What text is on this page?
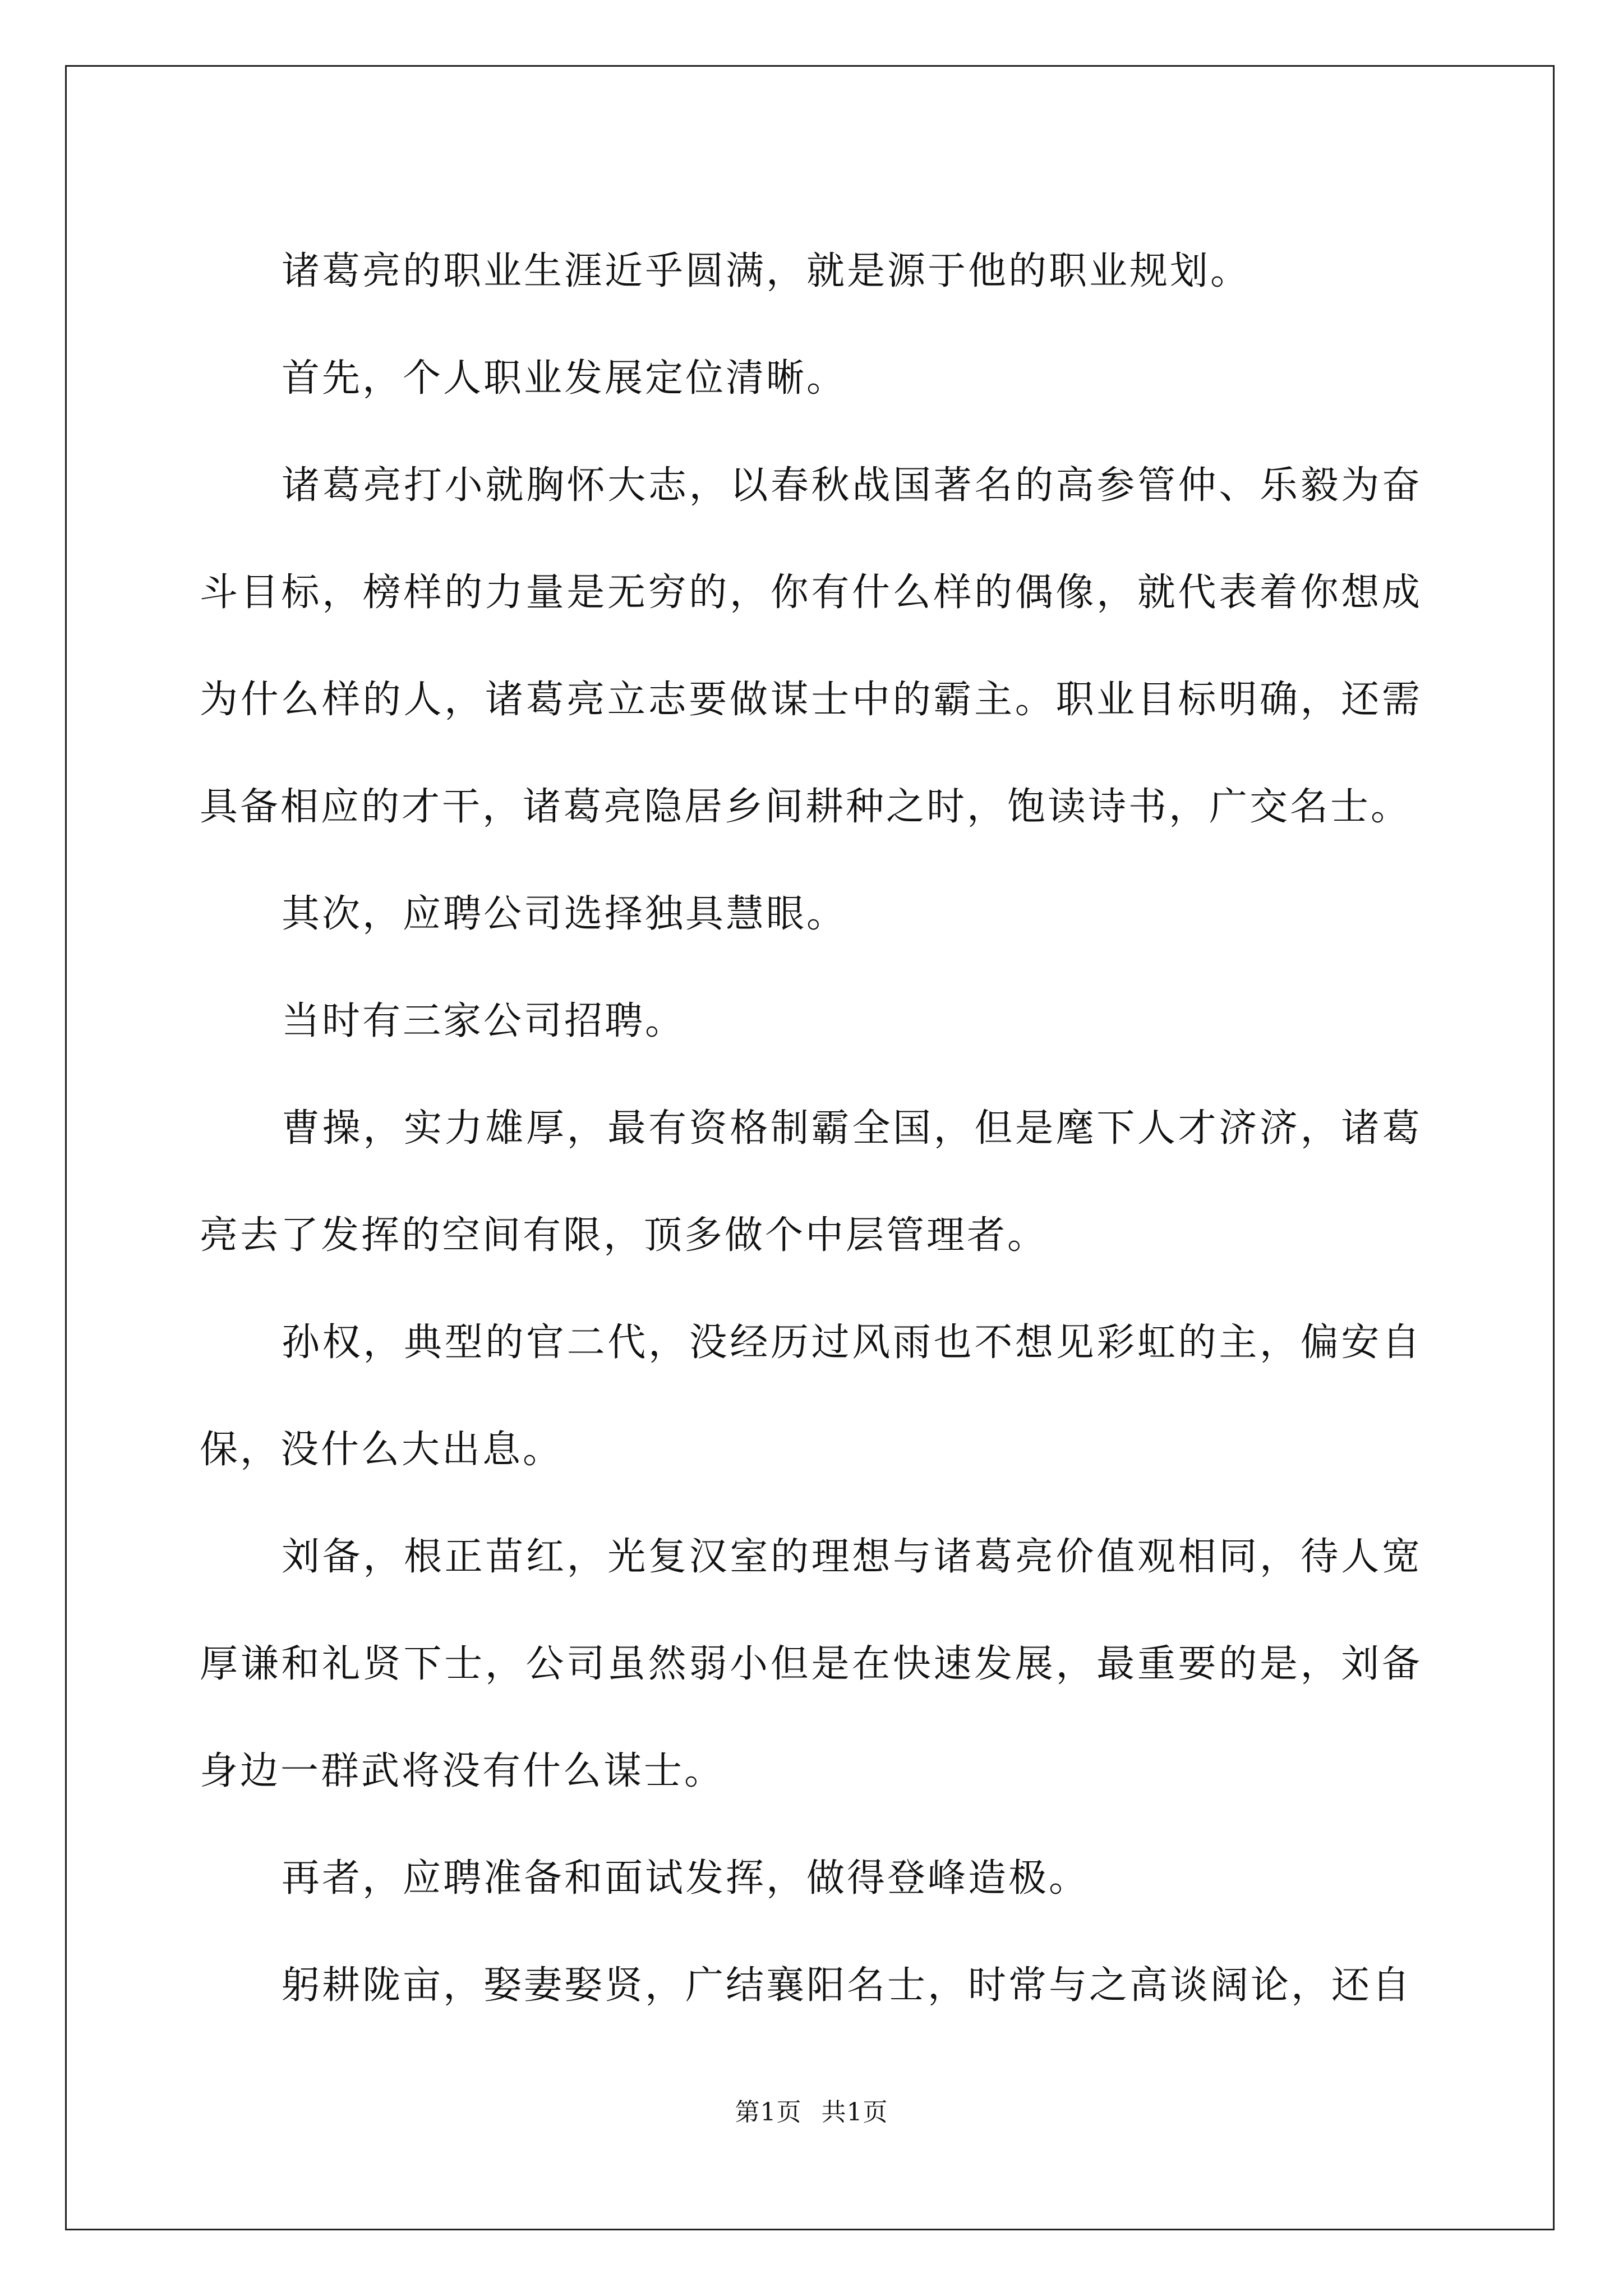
诸葛亮的职业生涯近乎圆满，就是源于他的职业规划。

首先，个人职业发展定位清晰。

诸葛亮打小就胸怀大志，以春秋战国著名的高参管仲、乐毅为奋斗目标，榜样的力量是无穷的，你有什么样的偶像，就代表着你想成为什么样的人，诸葛亮立志要做谋士中的霸主。职业目标明确，还需具备相应的才干，诸葛亮隐居乡间耕种之时，饱读诗书，广交名士。

其次，应聘公司选择独具慧眼。

当时有三家公司招聘。

曹操，实力雄厚，最有资格制霸全国，但是麾下人才济济，诸葛亮去了发挥的空间有限，顶多做个中层管理者。

孙权，典型的官二代，没经历过风雨也不想见彩虹的主，偏安自保，没什么大出息。

刘备，根正苗红，光复汉室的理想与诸葛亮价值观相同，待人宽厚谦和礼贤下士，公司虽然弱小但是在快速发展，最重要的是，刘备身边一群武将没有什么谋士。

再者，应聘准备和面试发挥，做得登峰造极。

躬耕陇亩，娶妻娶贤，广结襄阳名士，时常与之高谈阔论，还自

第1页 共1页
